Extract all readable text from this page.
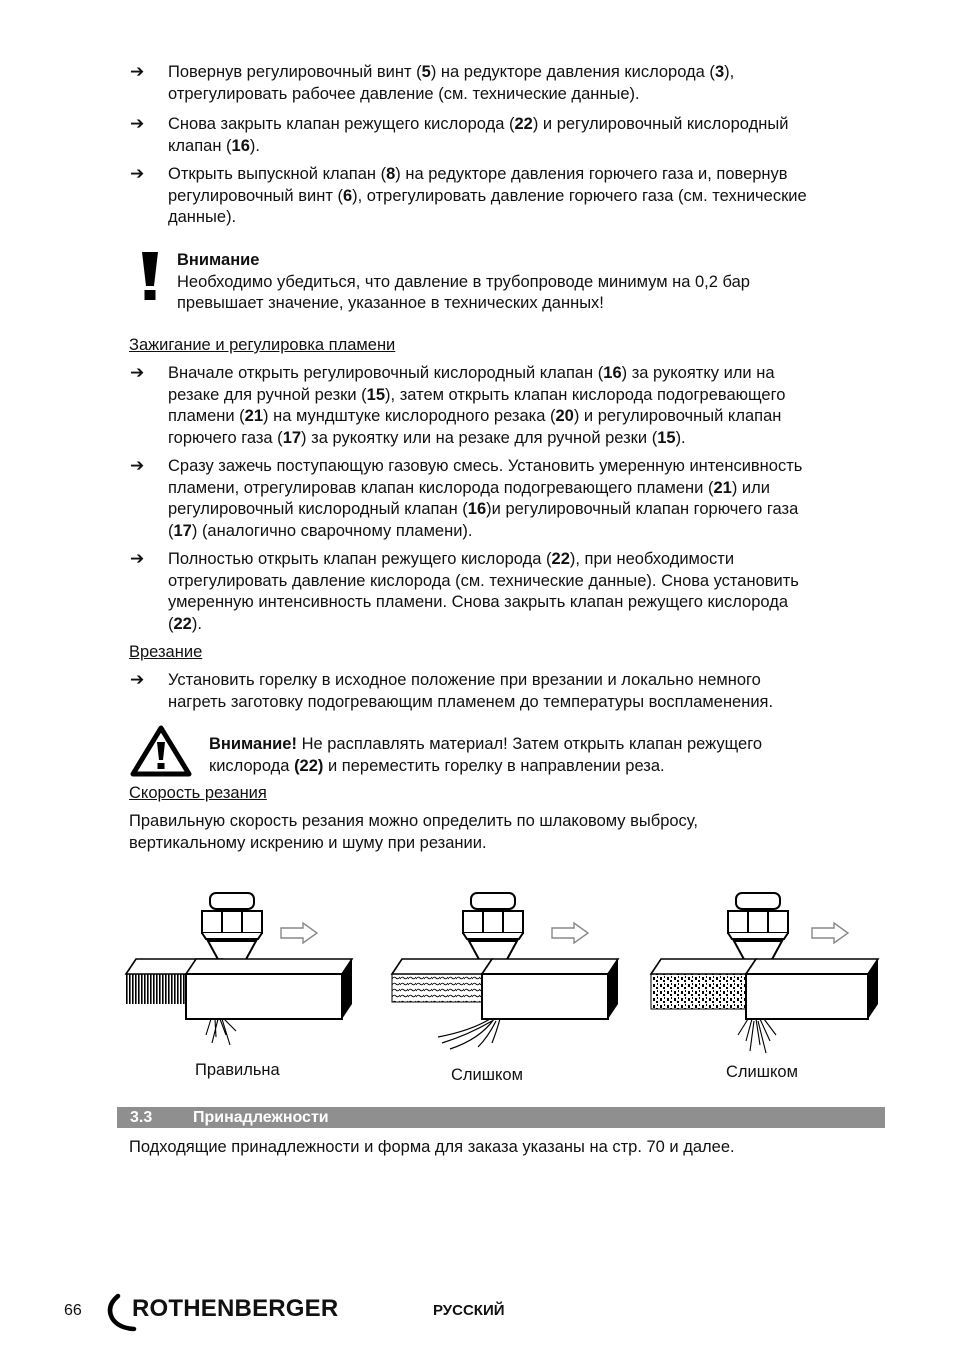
➔	Повернув регулировочный винт (5) на редукторе давления кислорода (3),
отрегулировать рабочее давление (см. технические данные).
➔	Снова закрыть клапан режущего кислорода (22) и регулировочный кислородный
клапан (16).
➔	Открыть выпускной клапан (8) на редукторе давления горючего газа и, повернув
регулировочный винт (6), отрегулировать давление горючего газа (см. технические
данные).
Внимание
Необходимо убедиться, что давление в трубопроводе минимум на 0,2 бар
превышает значение, указанное в технических данных!
Зажигание и регулировка пламени
➔	Вначале открыть регулировочный кислородный клапан (16) за рукоятку или на
резаке для ручной резки (15), затем открыть клапан кислорода подогревающего
пламени (21) на мундштуке кислородного резака (20) и регулировочный клапан
горючего газа (17) за рукоятку или на резаке для ручной резки (15).
➔	Сразу зажечь поступающую газовую смесь. Установить умеренную интенсивность
пламени, отрегулировав клапан кислорода подогревающего пламени (21) или
регулировочный кислородный клапан (16)и регулировочный клапан горючего газа
(17) (аналогично сварочному пламени).
➔	Полностью открыть клапан режущего кислорода (22), при необходимости
отрегулировать давление кислорода (см. технические данные). Снова установить
умеренную интенсивность пламени. Снова закрыть клапан режущего кислорода
(22).
Врезание
➔	Установить горелку в исходное положение при врезании и локально немного
нагреть заготовку подогревающим пламенем до температуры воспламенения.
Внимание! Не расплавлять материал! Затем открыть клапан режущего
кислорода (22) и переместить горелку в направлении реза.
Скорость резания
Правильную скорость резания можно определить по шлаковому выбросу,
вертикальному искрению и шуму при резании.
Правильна	Слишком	Слишком
3.3	Принадлежности
Подходящие принадлежности и форма для заказа указаны на стр. 70 и далее.
66 ROTHENBERGER	РУССКИЙ
